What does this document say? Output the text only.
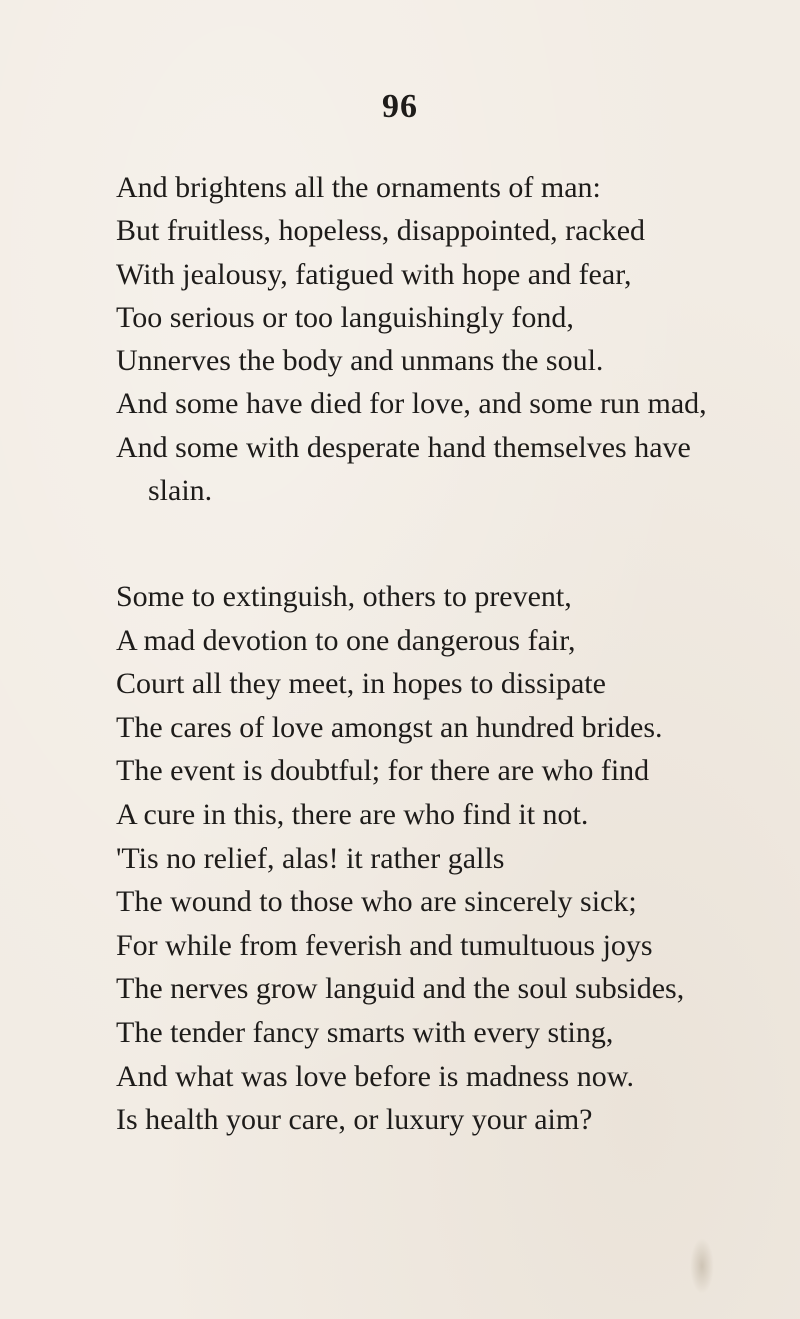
96
And brightens all the ornaments of man:
But fruitless, hopeless, disappointed, racked
With jealousy, fatigued with hope and fear,
Too serious or too languishingly fond,
Unnerves the body and unmans the soul.
And some have died for love, and some run mad,
And some with desperate hand themselves have
slain.
Some to extinguish, others to prevent,
A mad devotion to one dangerous fair,
Court all they meet, in hopes to dissipate
The cares of love amongst an hundred brides.
The event is doubtful; for there are who find
A cure in this, there are who find it not.
'Tis no relief, alas! it rather galls
The wound to those who are sincerely sick;
For while from feverish and tumultuous joys
The nerves grow languid and the soul subsides,
The tender fancy smarts with every sting,
And what was love before is madness now.
Is health your care, or luxury your aim?
